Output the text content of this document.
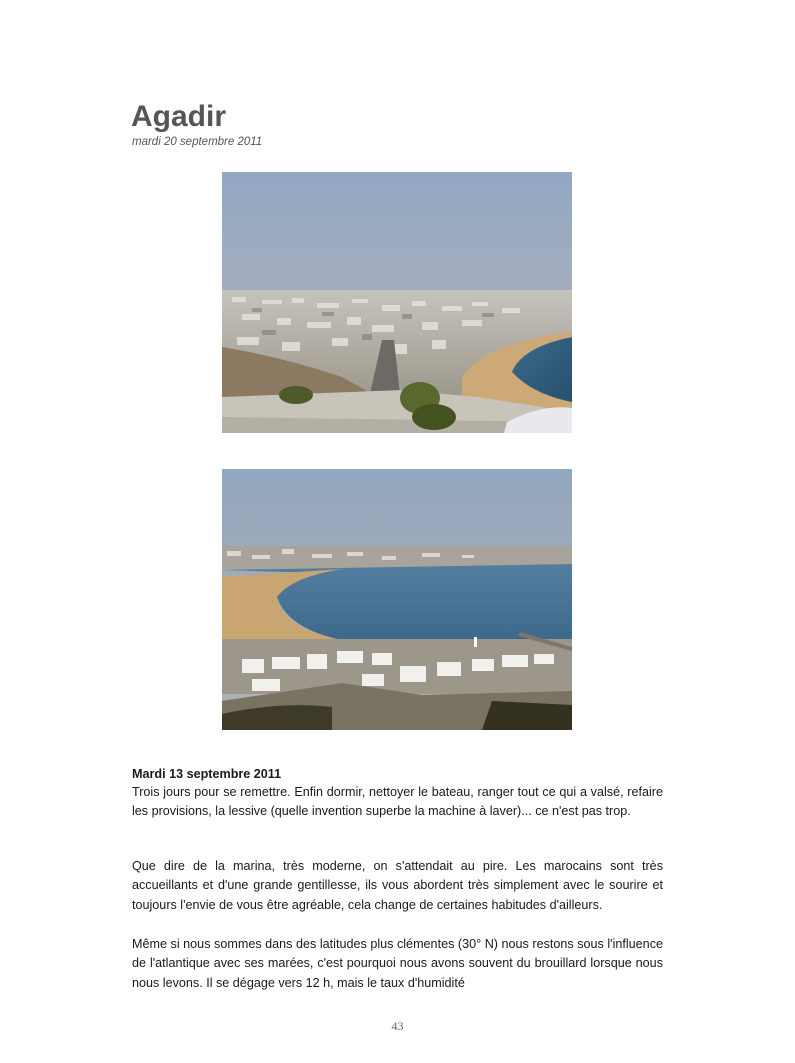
Agadir
mardi 20 septembre 2011
Mardi 13 septembre 2011
Trois jours pour se remettre. Enfin dormir, nettoyer le bateau, ranger tout ce qui a valsé, refaire les provisions, la lessive (quelle invention superbe la machine à laver)... ce n'est pas trop.
Que dire de la marina, très moderne, on s'attendait au pire. Les marocains sont très accueillants et d'une grande gentillesse, ils vous abordent très simplement avec le sourire et toujours l'envie de vous être agréable, cela change de certaines habitudes d'ailleurs.
Même si nous sommes dans des latitudes plus clémentes (30° N) nous restons sous l'influence de l'atlantique avec ses marées, c'est pourquoi nous avons souvent du brouillard lorsque nous nous levons. Il se dégage vers 12 h, mais le taux d'humidité
43
